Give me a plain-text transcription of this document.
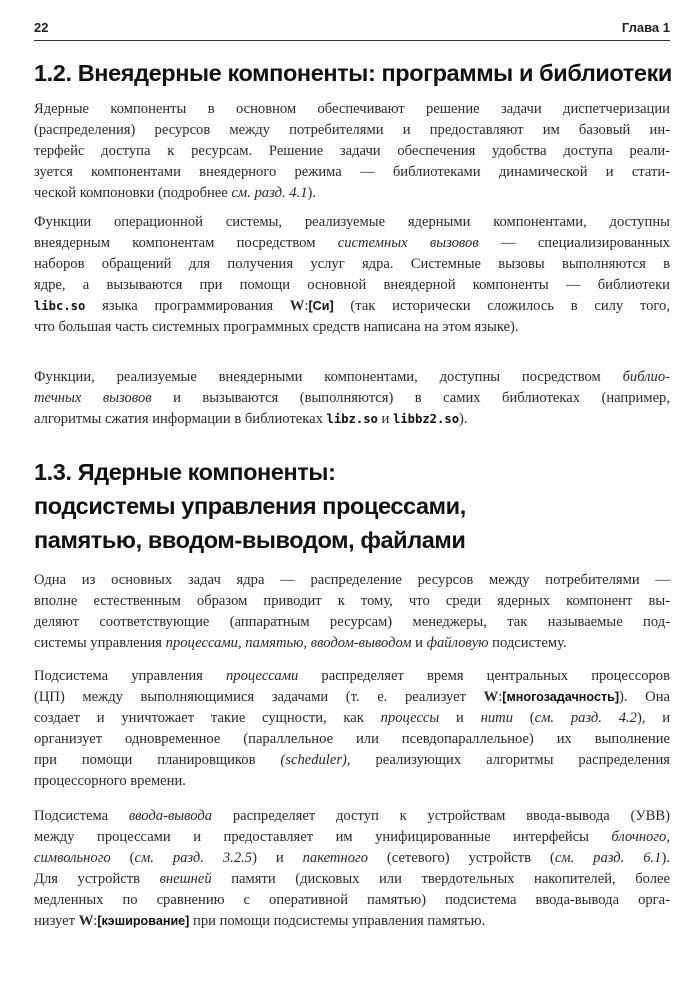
22	Глава 1
1.2. Внеядерные компоненты: программы и библиотеки

Ядерные компоненты в основном обеспечивают решение задачи диспетчеризации
(распределения) ресурсов между потребителями и предоставляют им базовый ин-
терфейс доступа к ресурсам. Решение задачи обеспечения удобства доступа реали-
зуется компонентами внеядерного режима — библиотеками динамической и стати-
ческой компоновки (подробнее см. разд. 4.1).

Функции операционной системы, реализуемые ядерными компонентами, доступны
внеядерным компонентам посредством системных вызовов — специализированных
наборов обращений для получения услуг ядра. Системные вызовы выполняются в
ядре, а вызываются при помощи основной внеядерной компоненты — библиотеки
libc.so языка программирования W:[Си] (так исторически сложилось в силу того,
что большая часть системных программных средств написана на этом языке).

Функции, реализуемые внеядерными компонентами, доступны посредством библио-
течных вызовов и вызываются (выполняются) в самих библиотеках (например,
алгоритмы сжатия информации в библиотеках libz.so и libbz2.so).

1.3. Ядерные компоненты:
подсистемы управления процессами,
памятью, вводом-выводом, файлами

Одна из основных задач ядра — распределение ресурсов между потребителями —
вполне естественным образом приводит к тому, что среди ядерных компонент вы-
деляют соответствующие (аппаратным ресурсам) менеджеры, так называемые под-
системы управления процессами, памятью, вводом-выводом и файловую подсистему.

Подсистема управления процессами распределяет время центральных процессоров
(ЦП) между выполняющимися задачами (т. е. реализует W:[многозадачность]). Она
создает и уничтожает такие сущности, как процессы и нити (см. разд. 4.2), и
организует одновременное (параллельное или псевдопараллельное) их выполнение
при помощи планировщиков (scheduler), реализующих алгоритмы распределения
процессорного времени.

Подсистема ввода-вывода распределяет доступ к устройствам ввода-вывода (УВВ)
между процессами и предоставляет им унифицированные интерфейсы блочного,
символьного (см. разд. 3.2.5) и пакетного (сетевого) устройств (см. разд. 6.1).
Для устройств внешней памяти (дисковых или твердотельных накопителей, более
медленных по сравнению с оперативной памятью) подсистема ввода-вывода орга-
низует W:[кэширование] при помощи подсистемы управления памятью.
